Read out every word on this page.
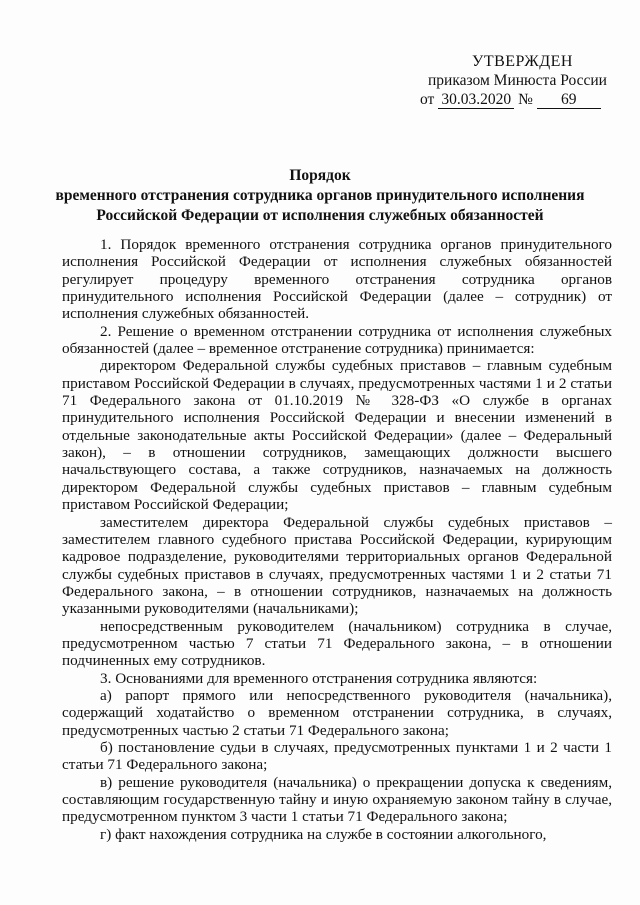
УТВЕРЖДЕН
приказом Минюста России
от 30.03.2020 № 69
Порядок
временного отстранения сотрудника органов принудительного исполнения
Российской Федерации от исполнения служебных обязанностей

1. Порядок временного отстранения сотрудника органов принудительного исполнения Российской Федерации от исполнения служебных обязанностей регулирует процедуру временного отстранения сотрудника органов принудительного исполнения Российской Федерации (далее – сотрудник) от исполнения служебных обязанностей.

2. Решение о временном отстранении сотрудника от исполнения служебных обязанностей (далее – временное отстранение сотрудника) принимается:

директором Федеральной службы судебных приставов – главным судебным приставом Российской Федерации в случаях, предусмотренных частями 1 и 2 статьи 71 Федерального закона от 01.10.2019 № 328-ФЗ «О службе в органах принудительного исполнения Российской Федерации и внесении изменений в отдельные законодательные акты Российской Федерации» (далее – Федеральный закон), – в отношении сотрудников, замещающих должности высшего начальствующего состава, а также сотрудников, назначаемых на должность директором Федеральной службы судебных приставов – главным судебным приставом Российской Федерации;

заместителем директора Федеральной службы судебных приставов – заместителем главного судебного пристава Российской Федерации, курирующим кадровое подразделение, руководителями территориальных органов Федеральной службы судебных приставов в случаях, предусмотренных частями 1 и 2 статьи 71 Федерального закона, – в отношении сотрудников, назначаемых на должность указанными руководителями (начальниками);

непосредственным руководителем (начальником) сотрудника в случае, предусмотренном частью 7 статьи 71 Федерального закона, – в отношении подчиненных ему сотрудников.

3. Основаниями для временного отстранения сотрудника являются:

а) рапорт прямого или непосредственного руководителя (начальника), содержащий ходатайство о временном отстранении сотрудника, в случаях, предусмотренных частью 2 статьи 71 Федерального закона;

б) постановление судьи в случаях, предусмотренных пунктами 1 и 2 части 1 статьи 71 Федерального закона;

в) решение руководителя (начальника) о прекращении допуска к сведениям, составляющим государственную тайну и иную охраняемую законом тайну в случае, предусмотренном пунктом 3 части 1 статьи 71 Федерального закона;

г) факт нахождения сотрудника на службе в состоянии алкогольного,
